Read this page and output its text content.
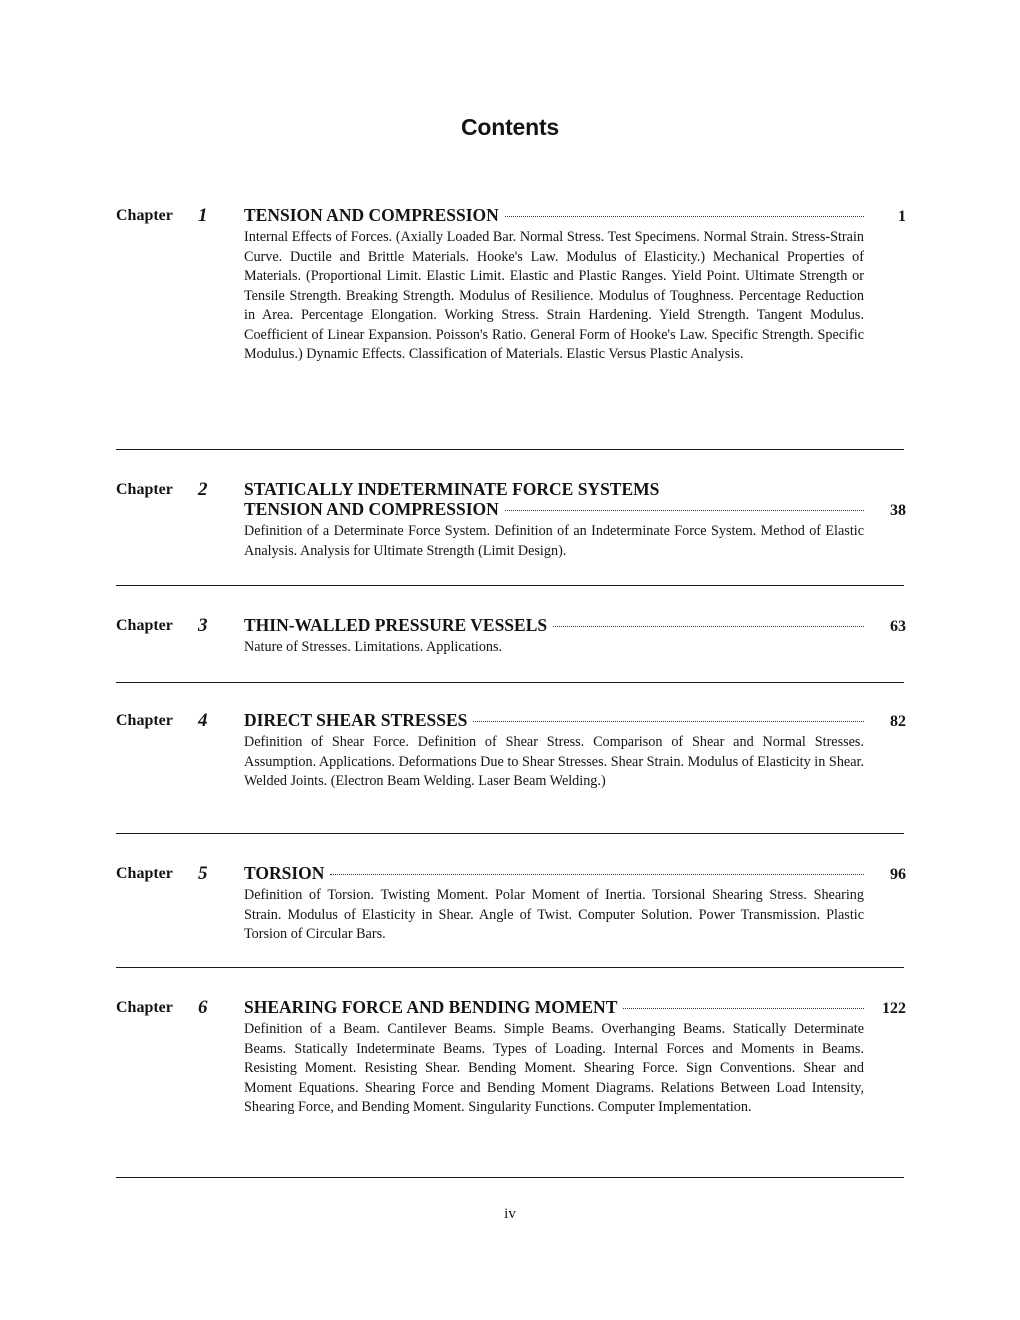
Contents
Chapter 1 TENSION AND COMPRESSION	1
Internal Effects of Forces. (Axially Loaded Bar. Normal Stress. Test Specimens. Normal Strain. Stress-Strain Curve. Ductile and Brittle Materials. Hooke's Law. Modulus of Elasticity.) Mechanical Properties of Materials. (Proportional Limit. Elastic Limit. Elastic and Plastic Ranges. Yield Point. Ultimate Strength or Tensile Strength. Breaking Strength. Modulus of Resilience. Modulus of Toughness. Percentage Reduction in Area. Percentage Elongation. Working Stress. Strain Hardening. Yield Strength. Tangent Modulus. Coefficient of Linear Expansion. Poisson's Ratio. General Form of Hooke's Law. Specific Strength. Specific Modulus.) Dynamic Effects. Classification of Materials. Elastic Versus Plastic Analysis.
Chapter 2 STATICALLY INDETERMINATE FORCE SYSTEMS
TENSION AND COMPRESSION	38
Definition of a Determinate Force System. Definition of an Indeterminate Force System. Method of Elastic Analysis. Analysis for Ultimate Strength (Limit Design).
Chapter 3 THIN-WALLED PRESSURE VESSELS	63
Nature of Stresses. Limitations. Applications.
Chapter 4 DIRECT SHEAR STRESSES	82
Definition of Shear Force. Definition of Shear Stress. Comparison of Shear and Normal Stresses. Assumption. Applications. Deformations Due to Shear Stresses. Shear Strain. Modulus of Elasticity in Shear. Welded Joints. (Electron Beam Welding. Laser Beam Welding.)
Chapter 5 TORSION	96
Definition of Torsion. Twisting Moment. Polar Moment of Inertia. Torsional Shearing Stress. Shearing Strain. Modulus of Elasticity in Shear. Angle of Twist. Computer Solution. Power Transmission. Plastic Torsion of Circular Bars.
Chapter 6 SHEARING FORCE AND BENDING MOMENT	122
Definition of a Beam. Cantilever Beams. Simple Beams. Overhanging Beams. Statically Determinate Beams. Statically Indeterminate Beams. Types of Loading. Internal Forces and Moments in Beams. Resisting Moment. Resisting Shear. Bending Moment. Shearing Force. Sign Conventions. Shear and Moment Equations. Shearing Force and Bending Moment Diagrams. Relations Between Load Intensity, Shearing Force, and Bending Moment. Singularity Functions. Computer Implementation.
iv
